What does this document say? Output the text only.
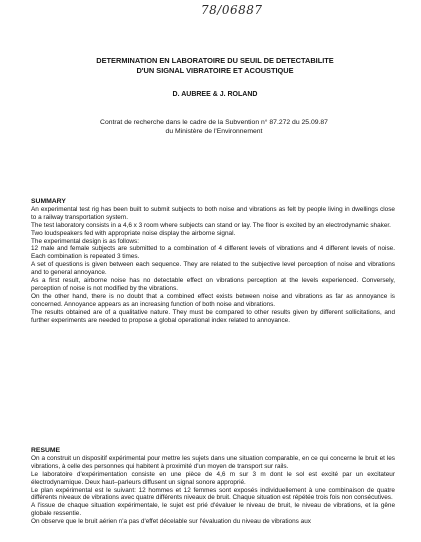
78/06887
DETERMINATION EN LABORATOIRE DU SEUIL DE DETECTABILITE
D'UN SIGNAL VIBRATOIRE ET ACOUSTIQUE
D. AUBREE & J. ROLAND
Contrat de recherche dans le cadre de la Subvention n° 87.272 du 25.09.87
du Ministère de l'Environnement
SUMMARY

An experimental test rig has been built to submit subjects to both noise and vibrations as felt by people living in dwellings close to a railway transportation system.

The test laboratory consists in a 4,6 x 3 room where subjects can stand or lay. The floor is excited by an electrodynamic shaker.

Two loudspeakers fed with appropriate noise display the airborne signal.

The experimental design is as follows:

12 male and female subjects are submitted to a combination of 4 different levels of vibrations and 4 different levels of noise. Each combination is repeated 3 times.

A set of questions is given between each sequence. They are related to the subjective level perception of noise and vibrations and to general annoyance.

As a first result, airborne noise has no detectable effect on vibrations perception at the levels experienced. Conversely, perception of noise is not modified by the vibrations.

On the other hand, there is no doubt that a combined effect exists between noise and vibrations as far as annoyance is concerned. Annoyance appears as an increasing function of both noise and vibrations.

The results obtained are of a qualitative nature. They must be compared to other results given by different sollicitations, and further experiments are needed to propose a global operational index related to annoyance.

RESUME

On a construit un dispositif expérimental pour mettre les sujets dans une situation comparable, en ce qui concerne le bruit et les vibrations, à celle des personnes qui habitent à proximité d'un moyen de transport sur rails.

Le laboratoire d'expérimentation consiste en une pièce de 4,6 m sur 3 m dont le sol est excité par un excitateur électrodynamique. Deux haut–parleurs diffusent un signal sonore approprié.

Le plan expérimental est le suivant: 12 hommes et 12 femmes sont exposés individuellement à une combinaison de quatre différents niveaux de vibrations avec quatre différents niveaux de bruit. Chaque situation est répétée trois fois non consécutives.

A l'issue de chaque situation expérimentale, le sujet est prié d'évaluer le niveau de bruit, le niveau de vibrations, et la gêne globale ressentie.

On observe que le bruit aérien n'a pas d'effet décelable sur l'évaluation du niveau de vibrations aux
